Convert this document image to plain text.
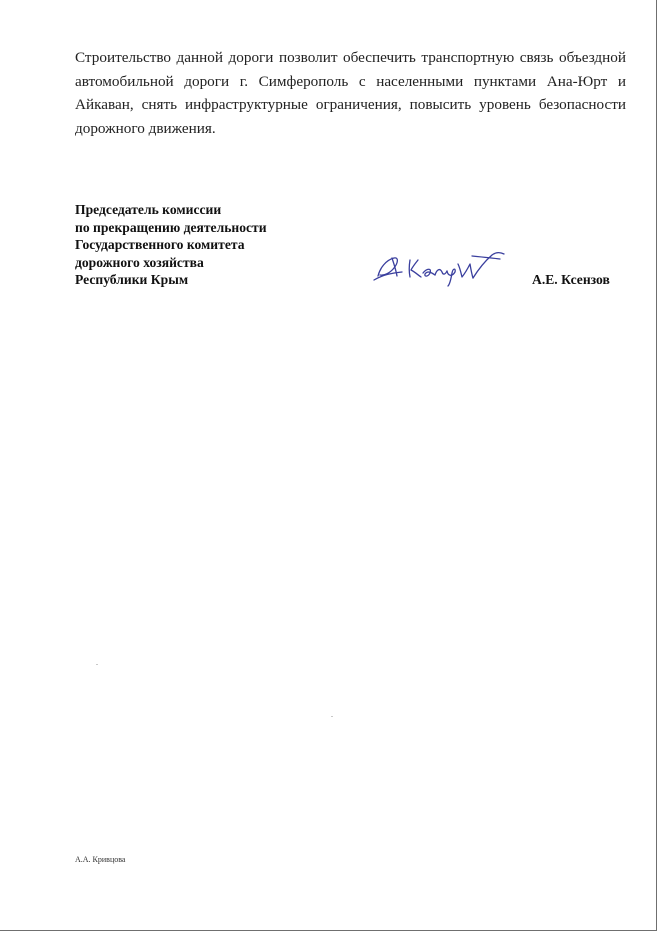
Строительство данной дороги позволит обеспечить транспортную связь объездной автомобильной дороги г. Симферополь с населенными пунктами Ана-Юрт и Айкаван, снять инфраструктурные ограничения, повысить уровень безопасности дорожного движения.

Председатель комиссии
по прекращению деятельности
Государственного комитета
дорожного хозяйства
Республики Крым	А.Е. Ксензов
А.А. Кривцова
